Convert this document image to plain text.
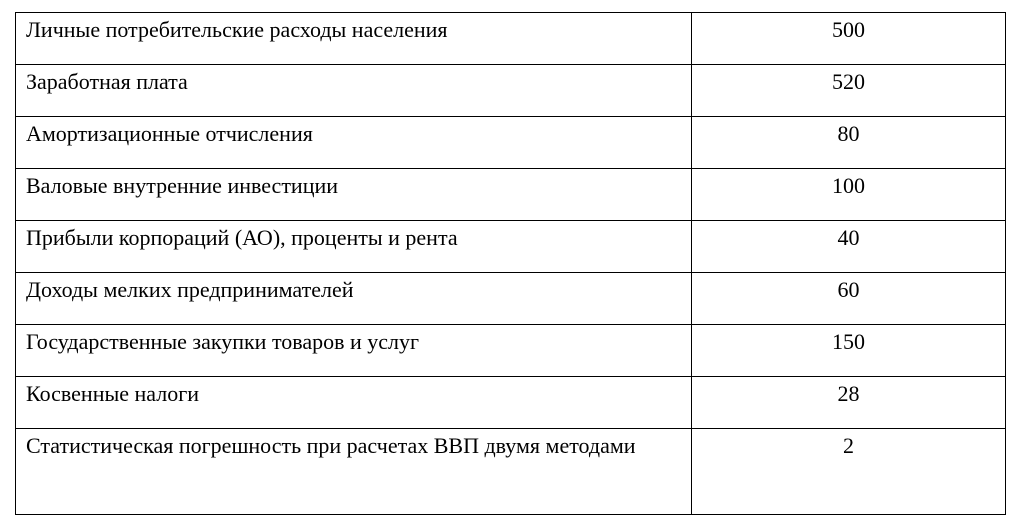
Личные потребительские расходы населения	500
Заработная плата	520
Амортизационные отчисления	80
Валовые внутренние инвестиции	100
Прибыли корпораций (АО), проценты и рента	40
Доходы мелких предпринимателей	60
Государственные закупки товаров и услуг	150
Косвенные налоги	28
Статистическая погрешность при расчетах ВВП двумя методами	2
